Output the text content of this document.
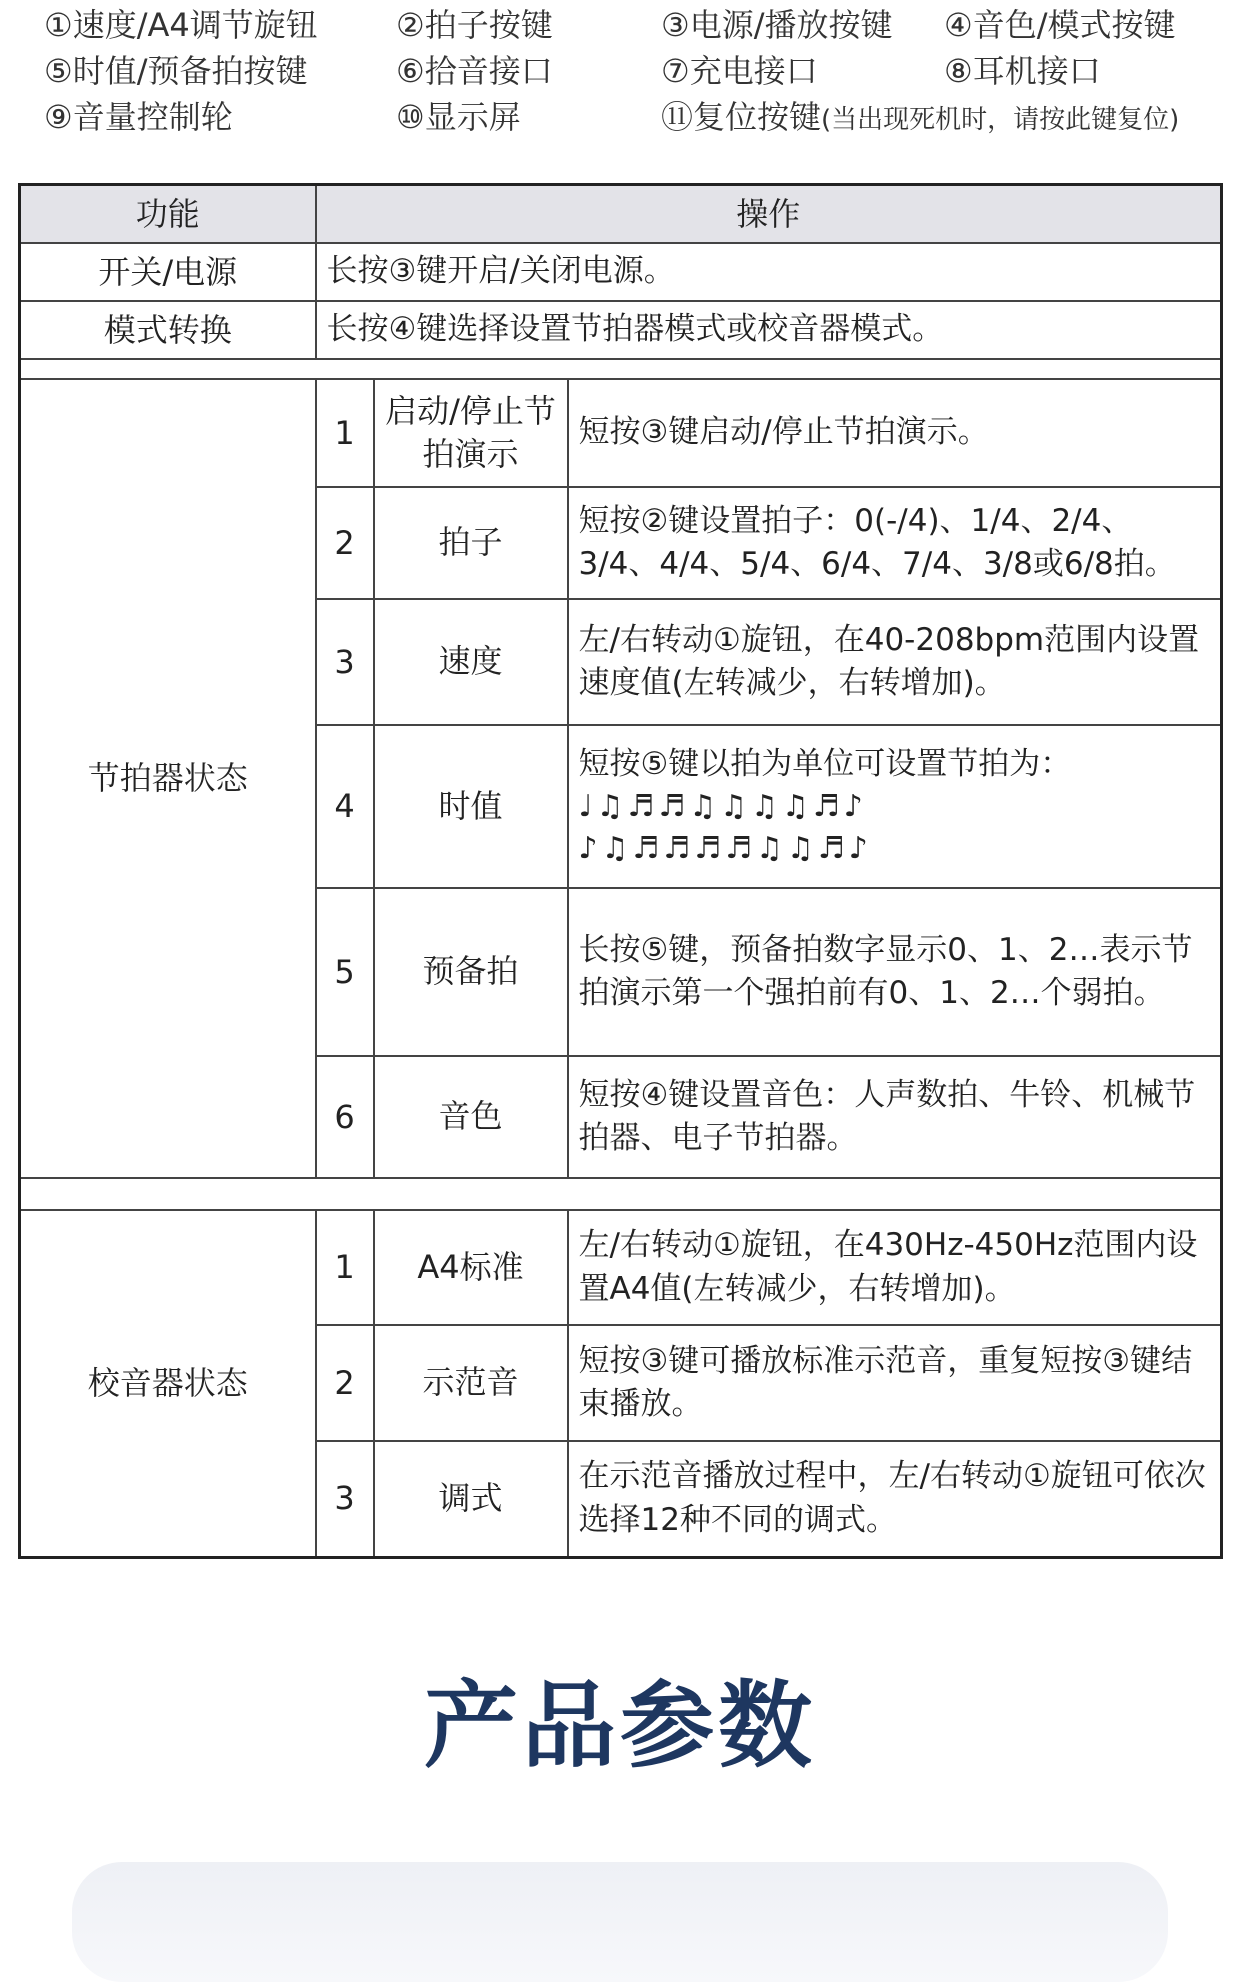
①速度/A4调节旋钮	②拍子按键	③电源/播放按键	④音色/模式按键
⑤时值/预备拍按键	⑥拾音接口	⑦充电接口	⑧耳机接口
⑨音量控制轮	⑩显示屏	⑪复位按键(当出现死机时，请按此键复位)
功能	操作		
开关/电源	长按③键开启/关闭电源。		
模式转换	长按④键选择设置节拍器模式或校音器模式。		

节拍器状态	1	启动/停止节拍演示	短按③键启动/停止节拍演示。
	2	拍子	短按②键设置拍子：0(-/4)、1/4、2/4、3/4、4/4、5/4、6/4、7/4、3/8或6/8拍。
	3	速度	左/右转动①旋钮，在40-208bpm范围内设置速度值(左转减少，右转增加)。
	4	时值	短按⑤键以拍为单位可设置节拍为：
♩♫♬♬♫♫♫♫♬♪
♪♫♬♬♬♬♫♫♬♪

	5	预备拍	长按⑤键，预备拍数字显示0、1、2…表示节拍演示第一个强拍前有0、1、2…个弱拍。
	6	音色	短按④键设置音色：人声数拍、牛铃、机械节拍器、电子节拍器。

校音器状态	1	A4标准	左/右转动①旋钮，在430Hz-450Hz范围内设置A4值(左转减少，右转增加)。
	2	示范音	短按③键可播放标准示范音，重复短按③键结束播放。
	3	调式	在示范音播放过程中，左/右转动①旋钮可依次选择12种不同的调式。
产品参数
